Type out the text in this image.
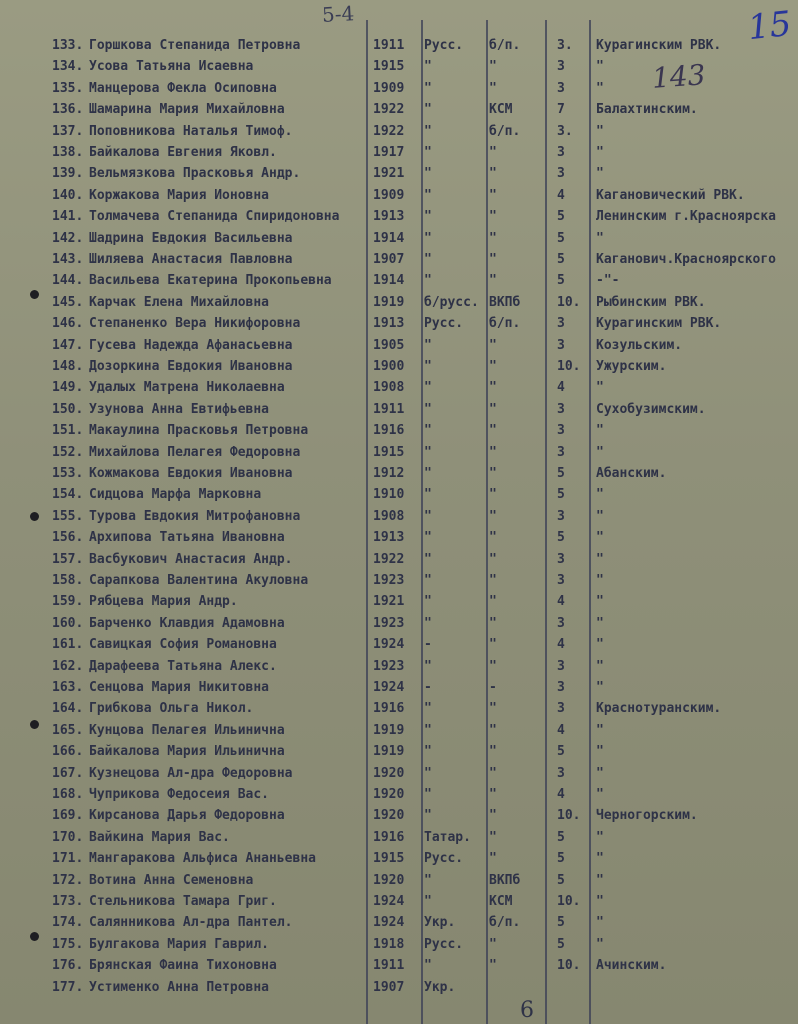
5-4	15
143
133. Горшкова Степанида Петровна	1911 Русс. б/п.	3. Курагинским РВК.
134. Усова Татьяна Исаевна	1915 "	"	3 "
135. Манцерова Фекла Осиповна	1909 "	"	3 "
136. Шамарина Мария Михайловна	1922 "	КСМ	7 Балахтинским.
137. Поповникова Наталья Тимоф.	1922 "	б/п.	3. "
138. Байкалова Евгения Яковл.	1917 "	"	3 "
139. Вельмязкова Прасковья Андр.	1921 "	"	3 "
140. Коржакова Мария Ионовна	1909 "	"	4 Кагановический РВК.
141. Толмачева Степанида Спиридоновна	1913 "	"	5 Ленинским г.Красноярска
142. Шадрина Евдокия Васильевна	1914 "	"	5 "
143. Шиляева Анастасия Павловна	1907 "	"	5 Каганович.Красноярского
144. Васильева Екатерина Прокопьевна	1914 "	"	5 -"-
145. Карчак Елена Михайловна	1919 б/русс. ВКПб	10. Рыбинским РВК.
146. Степаненко Вера Никифоровна	1913 Русс. б/п.	3 Курагинским РВК.
147. Гусева Надежда Афанасьевна	1905 "	"	3 Козульским.
148. Дозоркина Евдокия Ивановна	1900 "	"	10. Ужурским.
149. Удалых Матрена Николаевна	1908 "	"	4 "
150. Узунова Анна Евтифьевна	1911 "	"	3 Сухобузимским.
151. Макаулина Прасковья Петровна	1916 "	"	3 "
152. Михайлова Пелагея Федоровна	1915 "	"	3 "
153. Кожмакова Евдокия Ивановна	1912 "	"	5 Абанским.
154. Сидцова Марфа Марковна	1910 "	"	5 "
155. Турова Евдокия Митрофановна	1908 "	"	3 "
156. Архипова Татьяна Ивановна	1913 "	"	5 "
157. Васбукович Анастасия Андр.	1922 "	"	3 "
158. Сарапкова Валентина Акуловна	1923 "	"	3 "
159. Рябцева Мария Андр.	1921 "	"	4 "
160. Барченко Клавдия Адамовна	1923 "	"	3 "
161. Савицкая София Романовна	1924 -	"	4 "
162. Дарафеева Татьяна Алекс.	1923 "	"	3 "
163. Сенцова Мария Никитовна	1924 -	-	3 "
164. Грибкова Ольга Никол.	1916 "	"	3 Краснотуранским.
165. Кунцова Пелагея Ильинична	1919 "	"	4 "
166. Байкалова Мария Ильинична	1919 "	"	5 "
167. Кузнецова Ал-дра Федоровна	1920 "	"	3 "
168. Чуприкова Федосеия Вас.	1920 "	"	4 "
169. Кирсанова Дарья Федоровна	1920 "	"	10. Черногорским.
170. Вайкина Мария Вас.	1916 Татар. "	5 "
171. Мангаракова Альфиса Ананьевна	1915 Русс. "	5 "
172. Вотина Анна Семеновна	1920 "	ВКПб	5 "
173. Стельникова Тамара Григ.	1924 "	КСМ	10. "
174. Салянникова Ал-дра Пантел.	1924 Укр.	б/п.	5 "
175. Булгакова Мария Гаврил.	1918 Русс. "	5 "
176. Брянская Фаина Тихоновна	1911 "	"	10. Ачинским.
177. Устименко Анна Петровна	1907 Укр.
6
